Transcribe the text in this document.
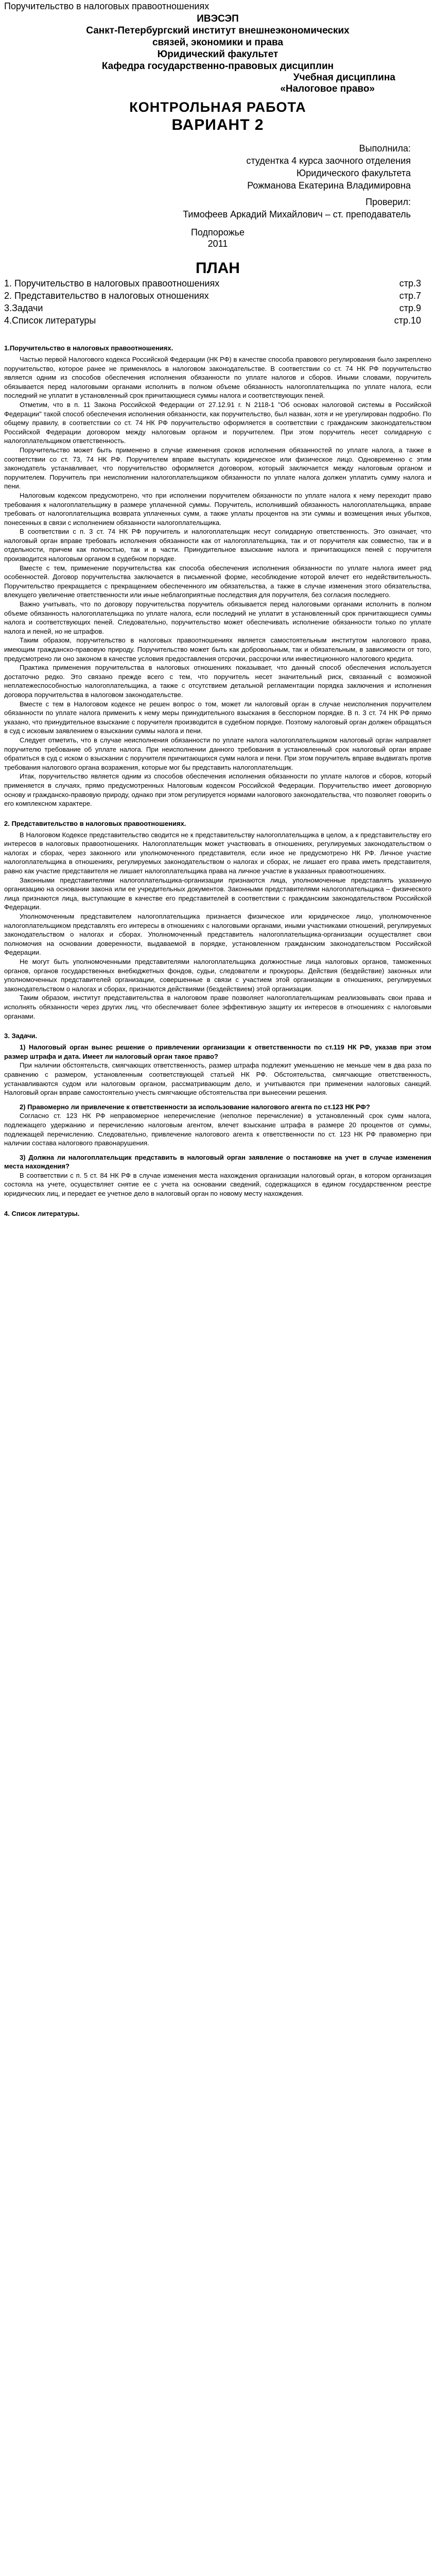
Поручительство в налоговых правоотношениях
ИВЭСЭП
Санкт-Петербургский институт внешнеэкономических
связей, экономики и права
Юридический факультет
Кафедра государственно-правовых дисциплин
Учебная дисциплина
«Налоговое право»
КОНТРОЛЬНАЯ РАБОТА
ВАРИАНТ 2
Выполнила:
студентка 4 курса заочного отделения
Юридического факультета
Рожманова Екатерина Владимировна
Проверил:
Тимофеев Аркадий Михайлович – ст. преподаватель
Подпорожье
2011
ПЛАН
1. Поручительство в налоговых правоотношениях	стр.3
2. Представительство в налоговых отношениях	стр.7
3.Задачи	стр.9
4.Список литературы	стр.10
1.Поручительство в налоговых правоотношениях.

Частью первой Налогового кодекса Российской Федерации (НК РФ) в качестве способа правового регулирования было закреплено поручительство, которое ранее не применялось в налоговом законодательстве. В соответствии со ст. 74 НК РФ поручительство является одним из способов обеспечения исполнения обязанности по уплате налогов и сборов. Иными словами, поручитель обязывается перед налоговыми органами исполнить в полном объеме обязанность налогоплательщика по уплате налога, если последний не уплатит в установленный срок причитающиеся суммы налога и соответствующих пеней.

Отметим, что в п. 11 Закона Российской Федерации от 27.12.91 г. N 2118-1 "Об основах налоговой системы в Российской Федерации" такой способ обеспечения исполнения обязанности, как поручительство, был назван, хотя и не урегулирован подробно. По общему правилу, в соответствии со ст. 74 НК РФ поручительство оформляется в соответствии с гражданским законодательством Российской Федерации договором между налоговым органом и поручителем. При этом поручитель несет солидарную с налогоплательщиком ответственность.

Поручительство может быть применено в случае изменения сроков исполнения обязанностей по уплате налога, а также в соответствии со ст. 73, 74 НК РФ. Поручителем вправе выступать юридическое или физическое лицо. Одновременно с этим законодатель устанавливает, что поручительство оформляется договором, который заключается между налоговым органом и поручителем. Поручитель при неисполнении налогоплательщиком обязанности по уплате налога должен уплатить сумму налога и пени.

Налоговым кодексом предусмотрено, что при исполнении поручителем обязанности по уплате налога к нему переходит право требования к налогоплательщику в размере уплаченной суммы. Поручитель, исполнивший обязанность налогоплательщика, вправе требовать от налогоплательщика возврата уплаченных сумм, а также уплаты процентов на эти суммы и возмещения иных убытков, понесенных в связи с исполнением обязанности налогоплательщика.

В соответствии с п. 3 ст. 74 НК РФ поручитель и налогоплательщик несут солидарную ответственность. Это означает, что налоговый орган вправе требовать исполнения обязанности как от налогоплательщика, так и от поручителя как совместно, так и в отдельности, причем как полностью, так и в части. Принудительное взыскание налога и причитающихся пеней с поручителя производится налоговым органом в судебном порядке.

Вместе с тем, применение поручительства как способа обеспечения исполнения обязанности по уплате налога имеет ряд особенностей. Договор поручительства заключается в письменной форме, несоблюдение которой влечет его недействительность. Поручительство прекращается с прекращением обеспеченного им обязательства, а также в случае изменения этого обязательства, влекущего увеличение ответственности или иные неблагоприятные последствия для поручителя, без согласия последнего.

Важно учитывать, что по договору поручительства поручитель обязывается перед налоговыми органами исполнить в полном объеме обязанность налогоплательщика по уплате налога, если последний не уплатит в установленный срок причитающиеся суммы налога и соответствующих пеней. Следовательно, поручительство может обеспечивать исполнение обязанности только по уплате налога и пеней, но не штрафов.

Таким образом, поручительство в налоговых правоотношениях является самостоятельным институтом налогового права, имеющим гражданско-правовую природу. Поручительство может быть как добровольным, так и обязательным, в зависимости от того, предусмотрено ли оно законом в качестве условия предоставления отсрочки, рассрочки или инвестиционного налогового кредита.

Практика применения поручительства в налоговых отношениях показывает, что данный способ обеспечения используется достаточно редко. Это связано прежде всего с тем, что поручитель несет значительный риск, связанный с возможной неплатежеспособностью налогоплательщика, а также с отсутствием детальной регламентации порядка заключения и исполнения договора поручительства в налоговом законодательстве.

Вместе с тем в Налоговом кодексе не решен вопрос о том, может ли налоговый орган в случае неисполнения поручителем обязанности по уплате налога применить к нему меры принудительного взыскания в бесспорном порядке. В п. 3 ст. 74 НК РФ прямо указано, что принудительное взыскание с поручителя производится в судебном порядке. Поэтому налоговый орган должен обращаться в суд с исковым заявлением о взыскании суммы налога и пени.

Следует отметить, что в случае неисполнения обязанности по уплате налога налогоплательщиком налоговый орган направляет поручителю требование об уплате налога. При неисполнении данного требования в установленный срок налоговый орган вправе обратиться в суд с иском о взыскании с поручителя причитающихся сумм налога и пени. При этом поручитель вправе выдвигать против требования налогового органа возражения, которые мог бы представить налогоплательщик.

Итак, поручительство является одним из способов обеспечения исполнения обязанности по уплате налогов и сборов, который применяется в случаях, прямо предусмотренных Налоговым кодексом Российской Федерации. Поручительство имеет договорную основу и гражданско-правовую природу, однако при этом регулируется нормами налогового законодательства, что позволяет говорить о его комплексном характере.

2. Представительство в налоговых правоотношениях.

В Налоговом Кодексе представительство сводится не к представительству налогоплательщика в целом, а к представительству его интересов в налоговых правоотношениях. Налогоплательщик может участвовать в отношениях, регулируемых законодательством о налогах и сборах, через законного или уполномоченного представителя, если иное не предусмотрено НК РФ. Личное участие налогоплательщика в отношениях, регулируемых законодательством о налогах и сборах, не лишает его права иметь представителя, равно как участие представителя не лишает налогоплательщика права на личное участие в указанных правоотношениях.

Законными представителями налогоплательщика-организации признаются лица, уполномоченные представлять указанную организацию на основании закона или ее учредительных документов. Законными представителями налогоплательщика – физического лица признаются лица, выступающие в качестве его представителей в соответствии с гражданским законодательством Российской Федерации.

Уполномоченным представителем налогоплательщика признается физическое или юридическое лицо, уполномоченное налогоплательщиком представлять его интересы в отношениях с налоговыми органами, иными участниками отношений, регулируемых законодательством о налогах и сборах. Уполномоченный представитель налогоплательщика-организации осуществляет свои полномочия на основании доверенности, выдаваемой в порядке, установленном гражданским законодательством Российской Федерации.

Не могут быть уполномоченными представителями налогоплательщика должностные лица налоговых органов, таможенных органов, органов государственных внебюджетных фондов, судьи, следователи и прокуроры. Действия (бездействие) законных или уполномоченных представителей организации, совершенные в связи с участием этой организации в отношениях, регулируемых законодательством о налогах и сборах, признаются действиями (бездействием) этой организации.

Таким образом, институт представительства в налоговом праве позволяет налогоплательщикам реализовывать свои права и исполнять обязанности через других лиц, что обеспечивает более эффективную защиту их интересов в отношениях с налоговыми органами.

3. Задачи.

1) Налоговый орган вынес решение о привлечении организации к ответственности по ст.119 НК РФ, указав при этом размер штрафа и дата. Имеет ли налоговый орган такое право?

При наличии обстоятельств, смягчающих ответственность, размер штрафа подлежит уменьшению не меньше чем в два раза по сравнению с размером, установленным соответствующей статьей НК РФ. Обстоятельства, смягчающие ответственность, устанавливаются судом или налоговым органом, рассматривающим дело, и учитываются при применении налоговых санкций. Налоговый орган вправе самостоятельно учесть смягчающие обстоятельства при вынесении решения.

2) Правомерно ли привлечение к ответственности за использование налогового агента по ст.123 НК РФ?

Согласно ст. 123 НК РФ неправомерное неперечисление (неполное перечисление) в установленный срок сумм налога, подлежащего удержанию и перечислению налоговым агентом, влечет взыскание штрафа в размере 20 процентов от суммы, подлежащей перечислению. Следовательно, привлечение налогового агента к ответственности по ст. 123 НК РФ правомерно при наличии состава налогового правонарушения.

3) Должна ли налогоплательщик представить в налоговый орган заявление о постановке на учет в случае изменения места нахождения?

В соответствии с п. 5 ст. 84 НК РФ в случае изменения места нахождения организации налоговый орган, в котором организация состояла на учете, осуществляет снятие ее с учета на основании сведений, содержащихся в едином государственном реестре юридических лиц, и передает ее учетное дело в налоговый орган по новому месту нахождения.

4. Список литературы.
